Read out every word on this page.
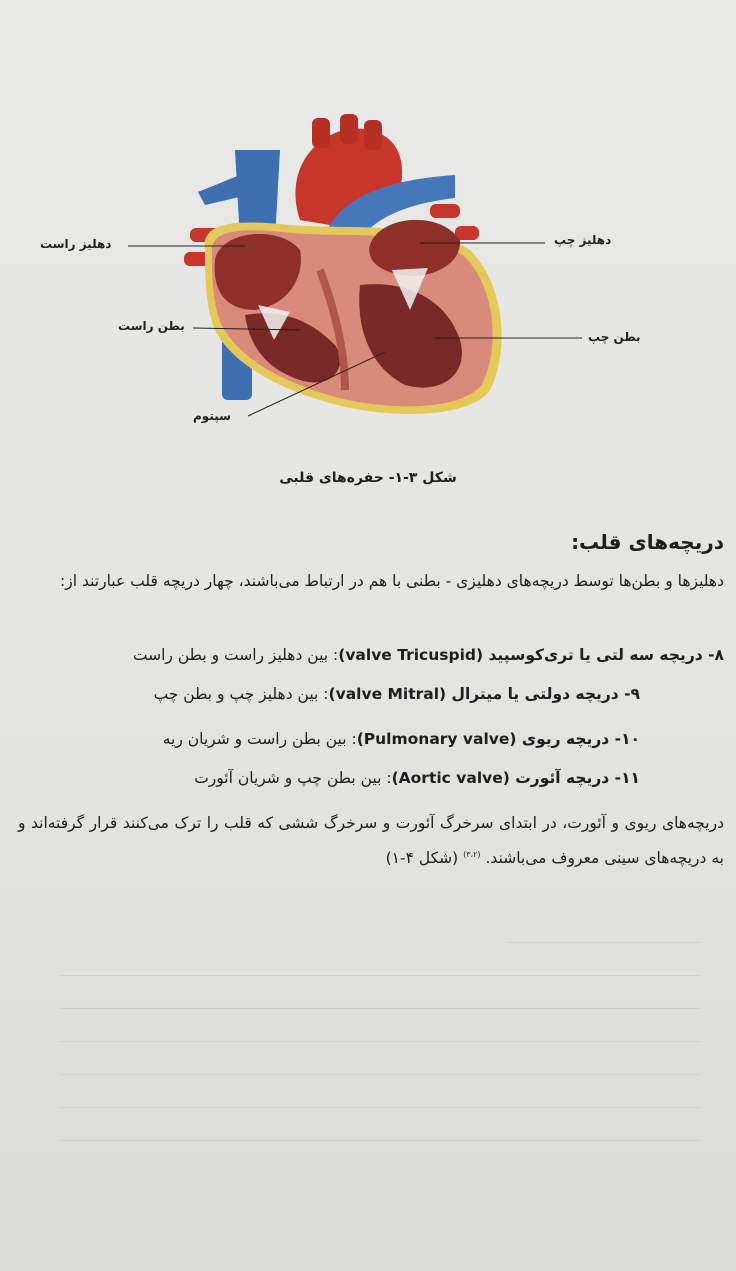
دهلیز راست	دهلیز چپ
بطن راست
بطن چپ
سپتوم
شکل ۳-۱- حفره‌های قلبی
دریچه‌های قلب:
دهلیزها و بطن‌ها توسط دریچه‌های دهلیزی - بطنی با هم در ارتباط می‌باشند، چهار دریچه قلب عبارتند از:
۸- دریچه سه لتی یا تری‌کوسپید (valve Tricuspid): بین دهلیز راست و بطن راست
۹- دریچه دولتی یا میترال (valve Mitral): بین دهلیز چپ و بطن چپ
۱۰- دریچه ریوی (Pulmonary valve): بین بطن راست و شریان ریه
۱۱- دریچه آئورت (Aortic valve): بین بطن چپ و شریان آئورت
دریچه‌های ریوی و آئورت، در ابتدای سرخرگ آئورت و سرخرگ ششی که قلب را ترک می‌کنند قرار گرفته‌اند و به دریچه‌های سینی معروف می‌باشند. $^{(۳،۲)}$ (شکل ۴-۱)
